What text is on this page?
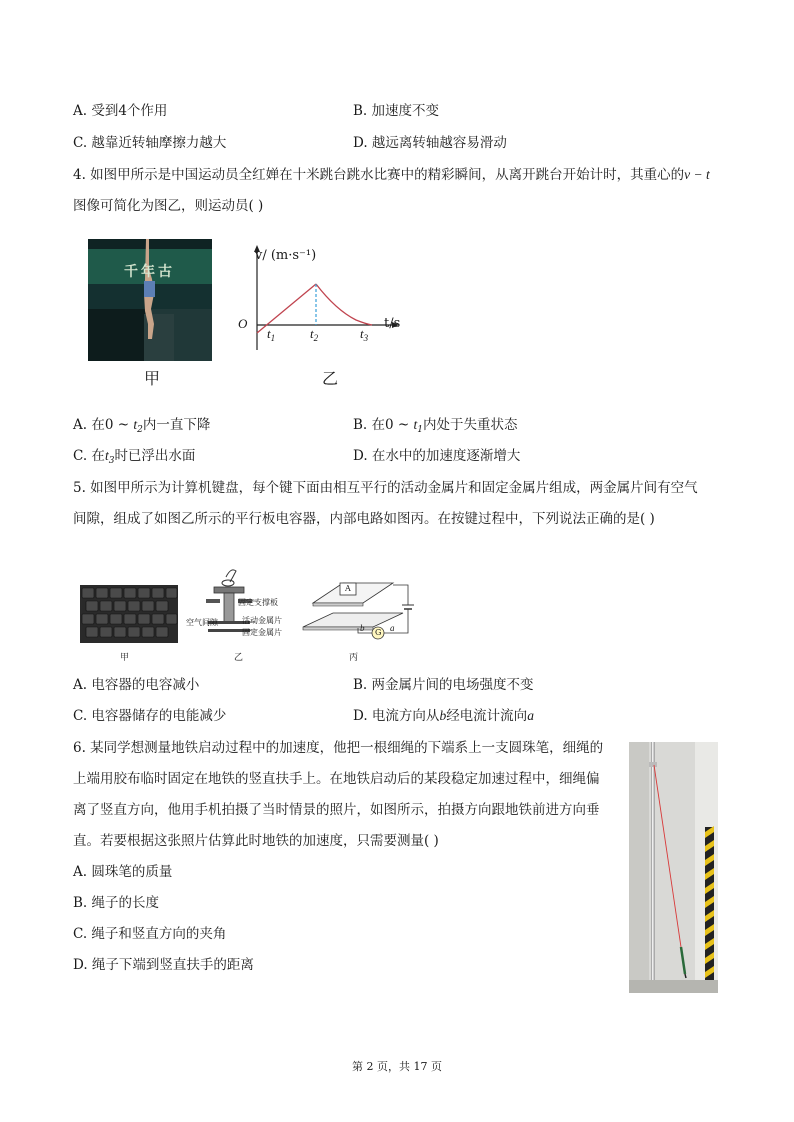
A. 受到4个作用	B. 加速度不变
C. 越靠近转轴摩擦力越大	D. 越远离转轴越容易滑动
4. 如图甲所示是中国运动员全红婵在十米跳台跳水比赛中的精彩瞬间，从离开跳台开始计时，其重心的v − t
图像可简化为图乙，则运动员( )
千年古
甲
v/ (m·s⁻¹)
O	t/s
$t_1$	$t_2$	$t_3$
乙
A. 在0 ~ $t_2$内一直下降	B. 在0 ~ $t_1$内处于失重状态
C. 在$t_3$时已浮出水面	D. 在水中的加速度逐渐增大
5. 如图甲所示为计算机键盘，每个键下面由相互平行的活动金属片和固定金属片组成，两金属片间有空气
间隙，组成了如图乙所示的平行板电容器，内部电路如图丙。在按键过程中，下列说法正确的是( )
甲
固定支撑板
空气间隙	活动金属片
固定金属片
乙
A
b	a
G
丙
A. 电容器的电容减小	B. 两金属片间的电场强度不变
C. 电容器储存的电能减少	D. 电流方向从b经电流计流向a
6. 某同学想测量地铁启动过程中的加速度，他把一根细绳的下端系上一支圆珠笔，细绳的
上端用胶布临时固定在地铁的竖直扶手上。在地铁启动后的某段稳定加速过程中，细绳偏
离了竖直方向，他用手机拍摄了当时情景的照片，如图所示，拍摄方向跟地铁前进方向垂
直。若要根据这张照片估算此时地铁的加速度，只需要测量( )
A. 圆珠笔的质量
B. 绳子的长度
C. 绳子和竖直方向的夹角
D. 绳子下端到竖直扶手的距离
第 2 页，共 17 页
